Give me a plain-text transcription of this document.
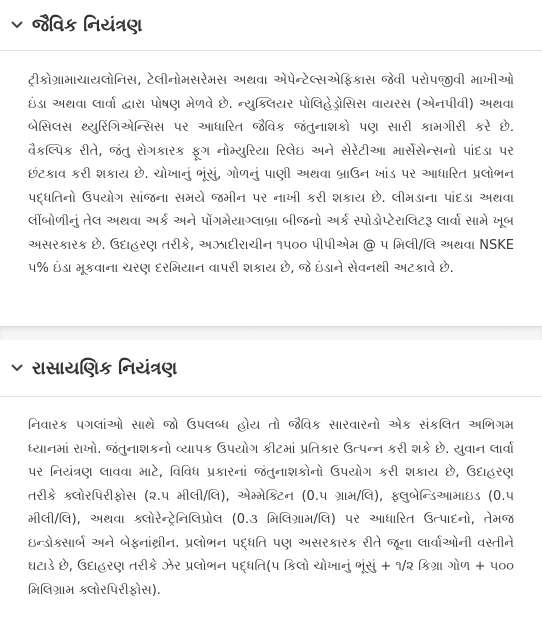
જૈવિક નિયંત્રણ
ટ્રીકોગ્રામાચાયલોનિસ, ટેલીનોમસરેમસ અથવા એપેન્ટેલ્સએફિકાસ જેવી પરોપજીવી માખીઓ ઇંડા અથવા લાર્વા દ્વારા પોષણ મેળવે છે. ન્યુક્લિયર પોલિહેડ્રોસિસ વાયરસ (એનપીવી) અથવા બેસિલસ થ્યુરિંગિએન્સિસ પર આધારિત જૈવિક જંતુનાશકો પણ સારી કામગીરી કરે છે. વૈકલ્પિક રીતે, જંતુ રોગકારક ફૂગ નોમ્યુરિયા રિલેઇ અને સેરેટીઆ માર્સેસેન્સનો પાંદડા પર છંટકાવ કરી શકાય છે. ચોખાનું ભૂંસું, ગોળનું પાણી અથવા બ્રાઉન ખાંડ પર આધારિત પ્રલોભન પદ્ધતિનો ઉપયોગ સાંજના સમયે જમીન પર નાખી કરી શકાય છે. લીમડાના પાંદડા અથવા લીંબોળીનું તેલ અથવા અર્ક અને પોંગમેયાગ્લાબ્રા બીજનો અર્ક સ્પોડોપ્ટેરાલિટરૂ લાર્વા સામે ખૂબ અસરકારક છે. ઉદાહરણ તરીકે, અઝાદીરાચીન ૧૫૦૦ પીપીએમ @ ૫ મિલી/લિ અથવા NSKE ૫% ઇંડા મૂકવાના ચરણ દરમિયાન વાપરી શકાય છે, જે ઇંડાને સેવનથી અટકાવે છે.
રાસાયણિક નિયંત્રણ
નિવારક પગલાંઓ સાથે જો ઉપલબ્ધ હોય તો જૈવિક સારવારનો એક સંકલિત અભિગમ ધ્યાનમાં રાખો. જંતુનાશકનો વ્યાપક ઉપયોગ કીટમાં પ્રતિકાર ઉત્પન્ન કરી શકે છે. યુવાન લાર્વા પર નિયંત્રણ લાવવા માટે, વિવિધ પ્રકારનાં જંતુનાશકોનો ઉપયોગ કરી શકાય છે, ઉદાહરણ તરીકે ક્લોરપિરીફોસ (૨.૫ મીલી/લિ), એમ્મેક્ટિન (0.૫ ગ્રામ/લિ), ફ્લુબેન્ડિઆમાઇડ (0.૫ મીલી/લિ), અથવા ક્લોરેન્ટ્રેનિલિપ્રોલ (0.૩ મિલિગ્રામ/લિ) પર આધારિત ઉત્પાદનો, તેમજ ઇન્ડોક્સાર્બ અને બેફ્નાંથ્રીન. પ્રલોભન પદ્ધતિ પણ અસરકારક રીતે જૂના લાર્વાઓની વસ્તીને ઘટાડે છે, ઉદાહરણ તરીકે ઝેર પ્રલોભન પદ્ધતિ(૫ કિલો ચોખાનું ભૂંસું + ૧/૨ કિગ્રા ગોળ + ૫૦૦ મિલિગ્રામ ક્લોરપિરીફોસ).
